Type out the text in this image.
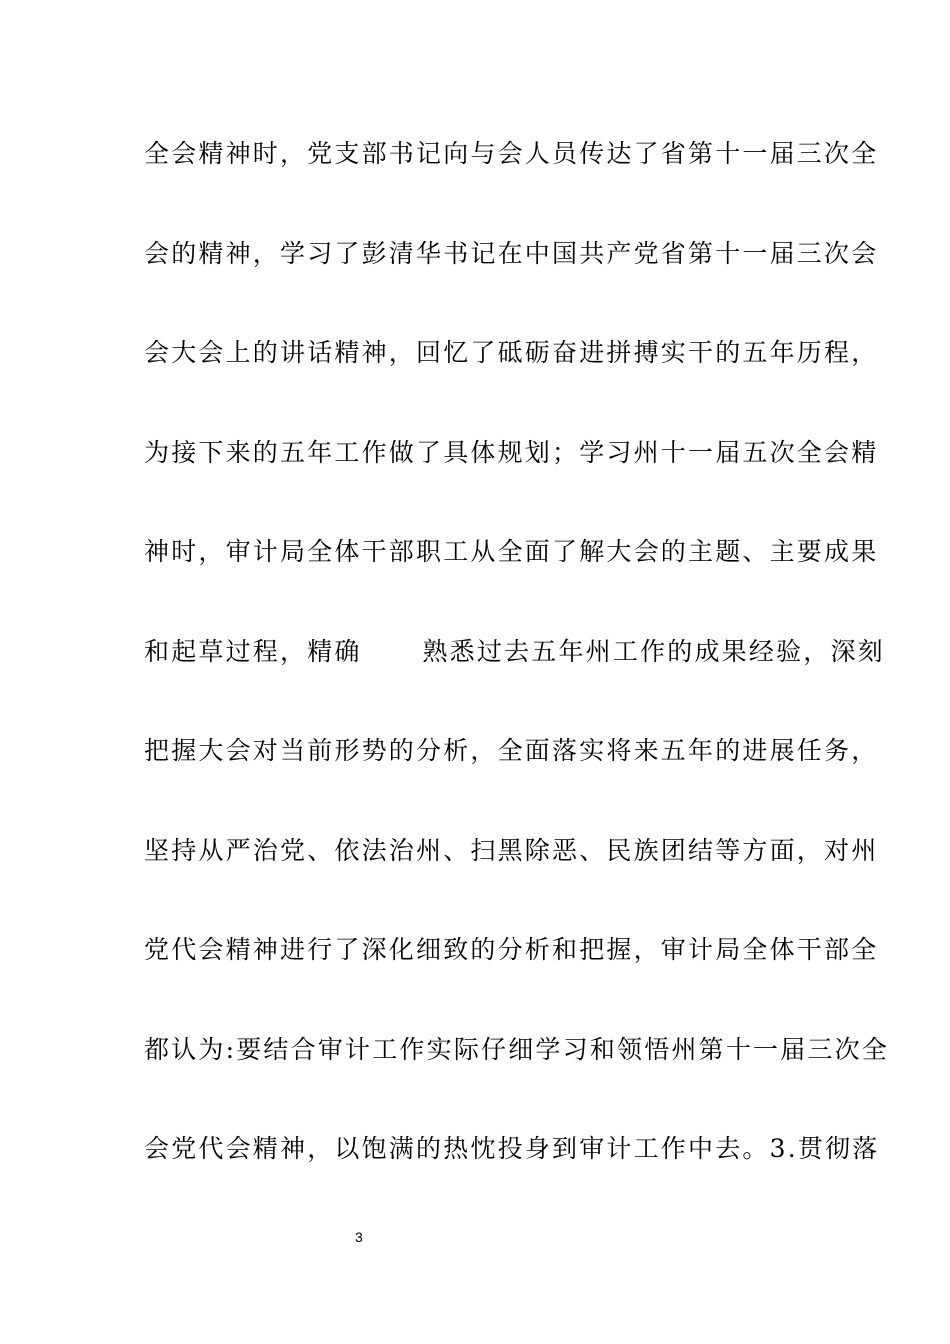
全会精神时，党支部书记向与会人员传达了省第十一届三次全
会的精神，学习了彭清华书记在中国共产党省第十一届三次会
会大会上的讲话精神，回忆了砥砺奋进拼搏实干的五年历程，
为接下来的五年工作做了具体规划；学习州十一届五次全会精
神时，审计局全体干部职工从全面了解大会的主题、主要成果
和起草过程，精确      熟悉过去五年州工作的成果经验，深刻
把握大会对当前形势的分析，全面落实将来五年的进展任务，
坚持从严治党、依法治州、扫黑除恶、民族团结等方面，对州
党代会精神进行了深化细致的分析和把握，审计局全体干部全
都认为:要结合审计工作实际仔细学习和领悟州第十一届三次全
会党代会精神，以饱满的热忱投身到审计工作中去。3.贯彻落
3
